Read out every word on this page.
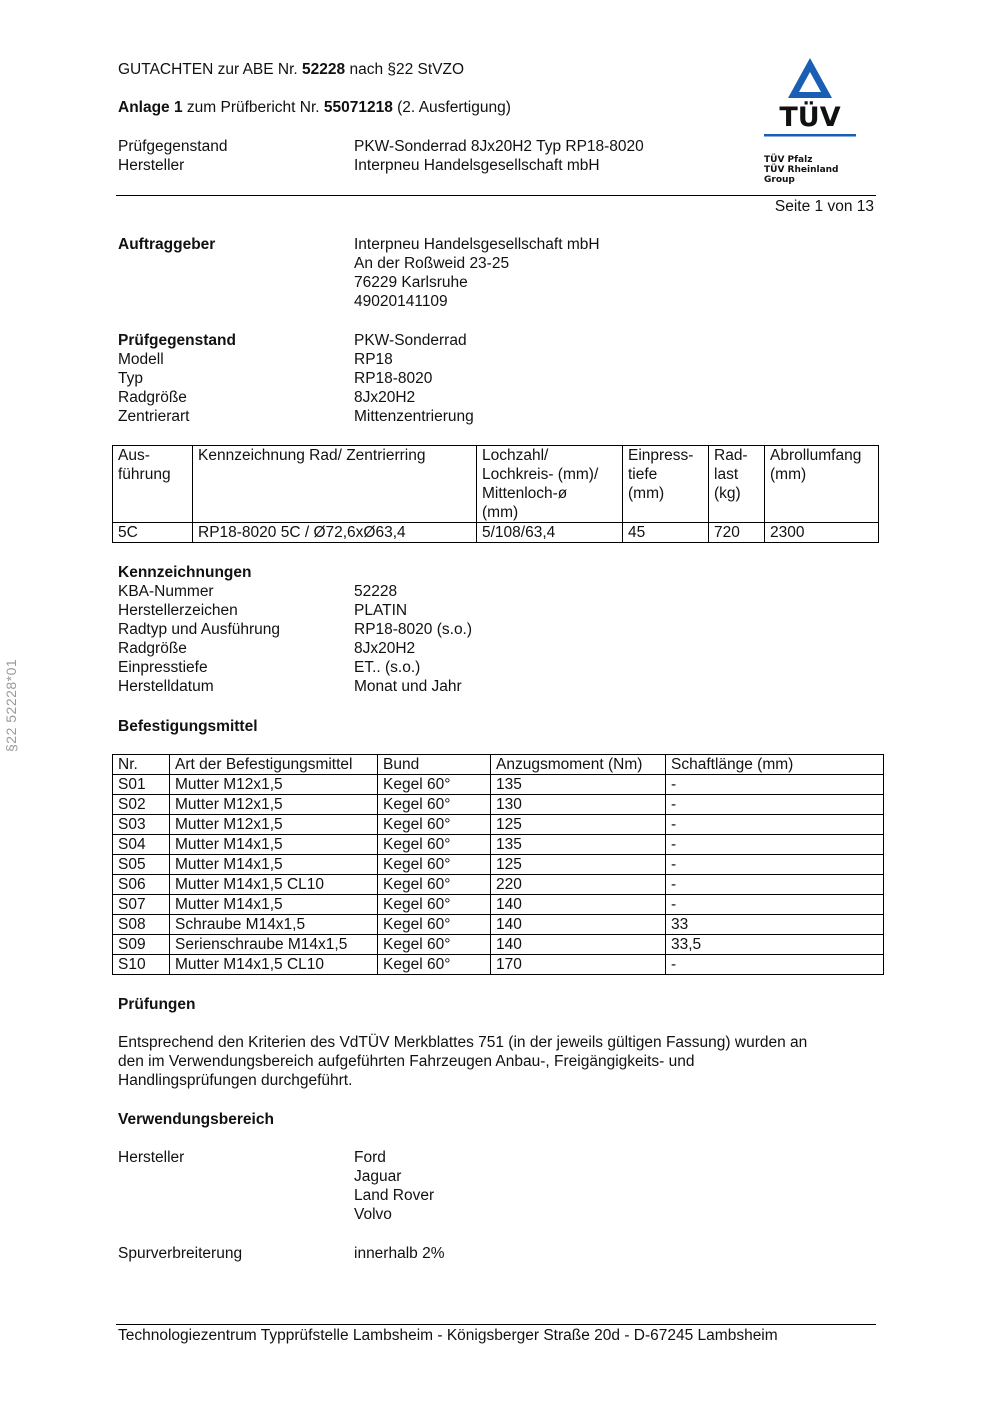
GUTACHTEN zur ABE Nr. 52228 nach §22 StVZO
Anlage 1 zum Prüfbericht Nr. 55071218 (2. Ausfertigung)
Prüfgegenstand	PKW-Sonderrad 8Jx20H2 Typ RP18-8020
Hersteller	Interpneu Handelsgesellschaft mbH
TÜV
TÜV Pfalz
TÜV Rheinland Group
Seite 1 von 13
§22 52228*01
Auftraggeber	Interpneu Handelsgesellschaft mbH
An der Roßweid 23-25
76229 Karlsruhe
49020141109
Prüfgegenstand	PKW-Sonderrad
Modell	RP18
Typ	RP18-8020
Radgröße	8Jx20H2
Zentrierart	Mittenzentrierung
Aus-
führung	Kennzeichnung Rad/ Zentrierring	Lochzahl/
Lochkreis- (mm)/
Mittenloch-ø
(mm)	Einpress-
tiefe
(mm)	Rad-
last
(kg)	Abrollumfang
(mm)
5C	RP18-8020 5C / Ø72,6xØ63,4	5/108/63,4	45	720	2300
Kennzeichnungen
KBA-Nummer	52228
Herstellerzeichen	PLATIN
Radtyp und Ausführung	RP18-8020 (s.o.)
Radgröße	8Jx20H2
Einpresstiefe	ET.. (s.o.)
Herstelldatum	Monat und Jahr
Befestigungsmittel
Nr.	Art der Befestigungsmittel	Bund	Anzugsmoment (Nm)	Schaftlänge (mm)
S01	Mutter M12x1,5	Kegel 60°	135	-
S02	Mutter M12x1,5	Kegel 60°	130	-
S03	Mutter M12x1,5	Kegel 60°	125	-
S04	Mutter M14x1,5	Kegel 60°	135	-
S05	Mutter M14x1,5	Kegel 60°	125	-
S06	Mutter M14x1,5 CL10	Kegel 60°	220	-
S07	Mutter M14x1,5	Kegel 60°	140	-
S08	Schraube M14x1,5	Kegel 60°	140	33
S09	Serienschraube M14x1,5	Kegel 60°	140	33,5
S10	Mutter M14x1,5 CL10	Kegel 60°	170	-
Prüfungen
Entsprechend den Kriterien des VdTÜV Merkblattes 751 (in der jeweils gültigen Fassung) wurden an
den im Verwendungsbereich aufgeführten Fahrzeugen Anbau-, Freigängigkeits- und
Handlingsprüfungen durchgeführt.
Verwendungsbereich
Hersteller	Ford
Jaguar
Land Rover
Volvo
Spurverbreiterung	innerhalb 2%
Technologiezentrum Typprüfstelle Lambsheim - Königsberger Straße 20d - D-67245 Lambsheim
